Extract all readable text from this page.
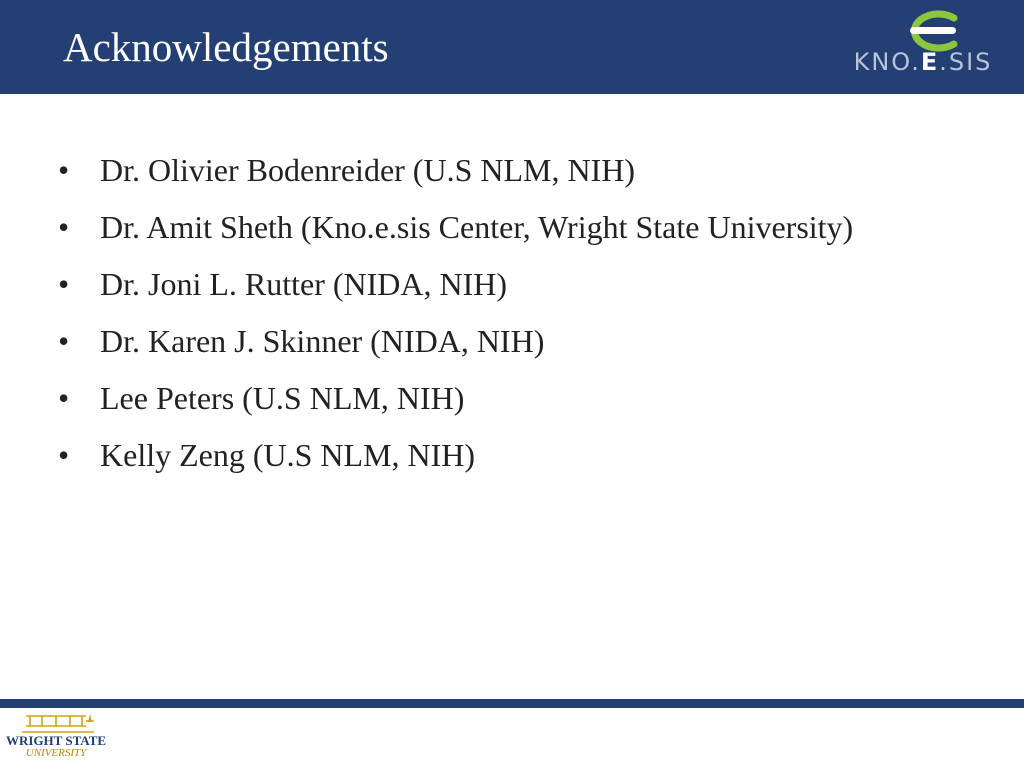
Acknowledgements	KNO.E.SIS
• Dr. Olivier Bodenreider (U.S NLM, NIH)
• Dr. Amit Sheth (Kno.e.sis Center, Wright State University)
• Dr. Joni L. Rutter (NIDA, NIH)
• Dr. Karen J. Skinner (NIDA, NIH)
• Lee Peters (U.S NLM, NIH)
• Kelly Zeng (U.S NLM, NIH)
WRIGHT STATE
UNIVERSITY
